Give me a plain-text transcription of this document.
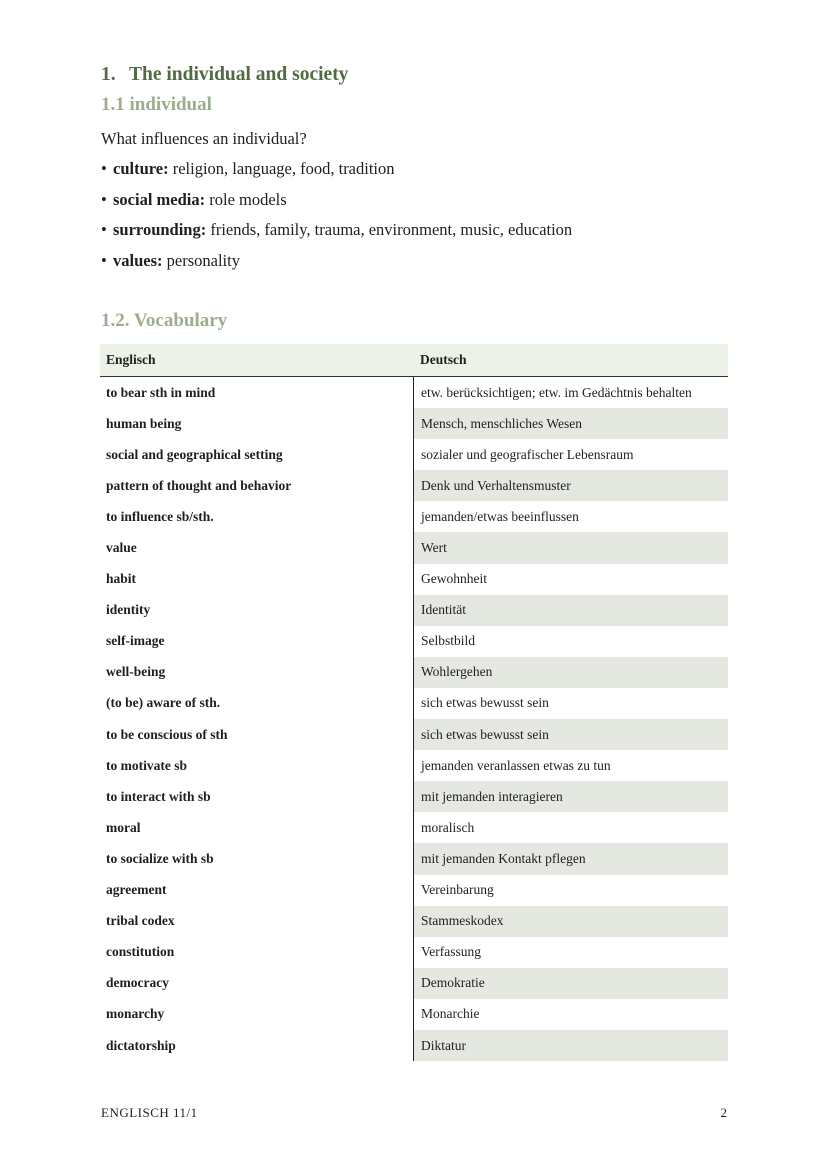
1. The individual and society
1.1 individual

What influences an individual?

• culture: religion, language, food, tradition
• social media: role models
• surrounding: friends, family, trauma, environment, music, education
• values: personality
1.2. Vocabulary
Englisch	Deutsch
to bear sth in mind	etw. berücksichtigen; etw. im Gedächtnis behalten
human being	Mensch, menschliches Wesen
social and geographical setting	sozialer und geografischer Lebensraum
pattern of thought and behavior	Denk und Verhaltensmuster
to influence sb/sth.	jemanden/etwas beeinflussen
value	Wert
habit	Gewohnheit
identity	Identität
self-image	Selbstbild
well-being	Wohlergehen
(to be) aware of sth.	sich etwas bewusst sein
to be conscious of sth	sich etwas bewusst sein
to motivate sb	jemanden veranlassen etwas zu tun
to interact with sb	mit jemanden interagieren
moral	moralisch
to socialize with sb	mit jemanden Kontakt pflegen
agreement	Vereinbarung
tribal codex	Stammeskodex
constitution	Verfassung
democracy	Demokratie
monarchy	Monarchie
dictatorship	Diktatur
ENGLISCH 11/1	2
